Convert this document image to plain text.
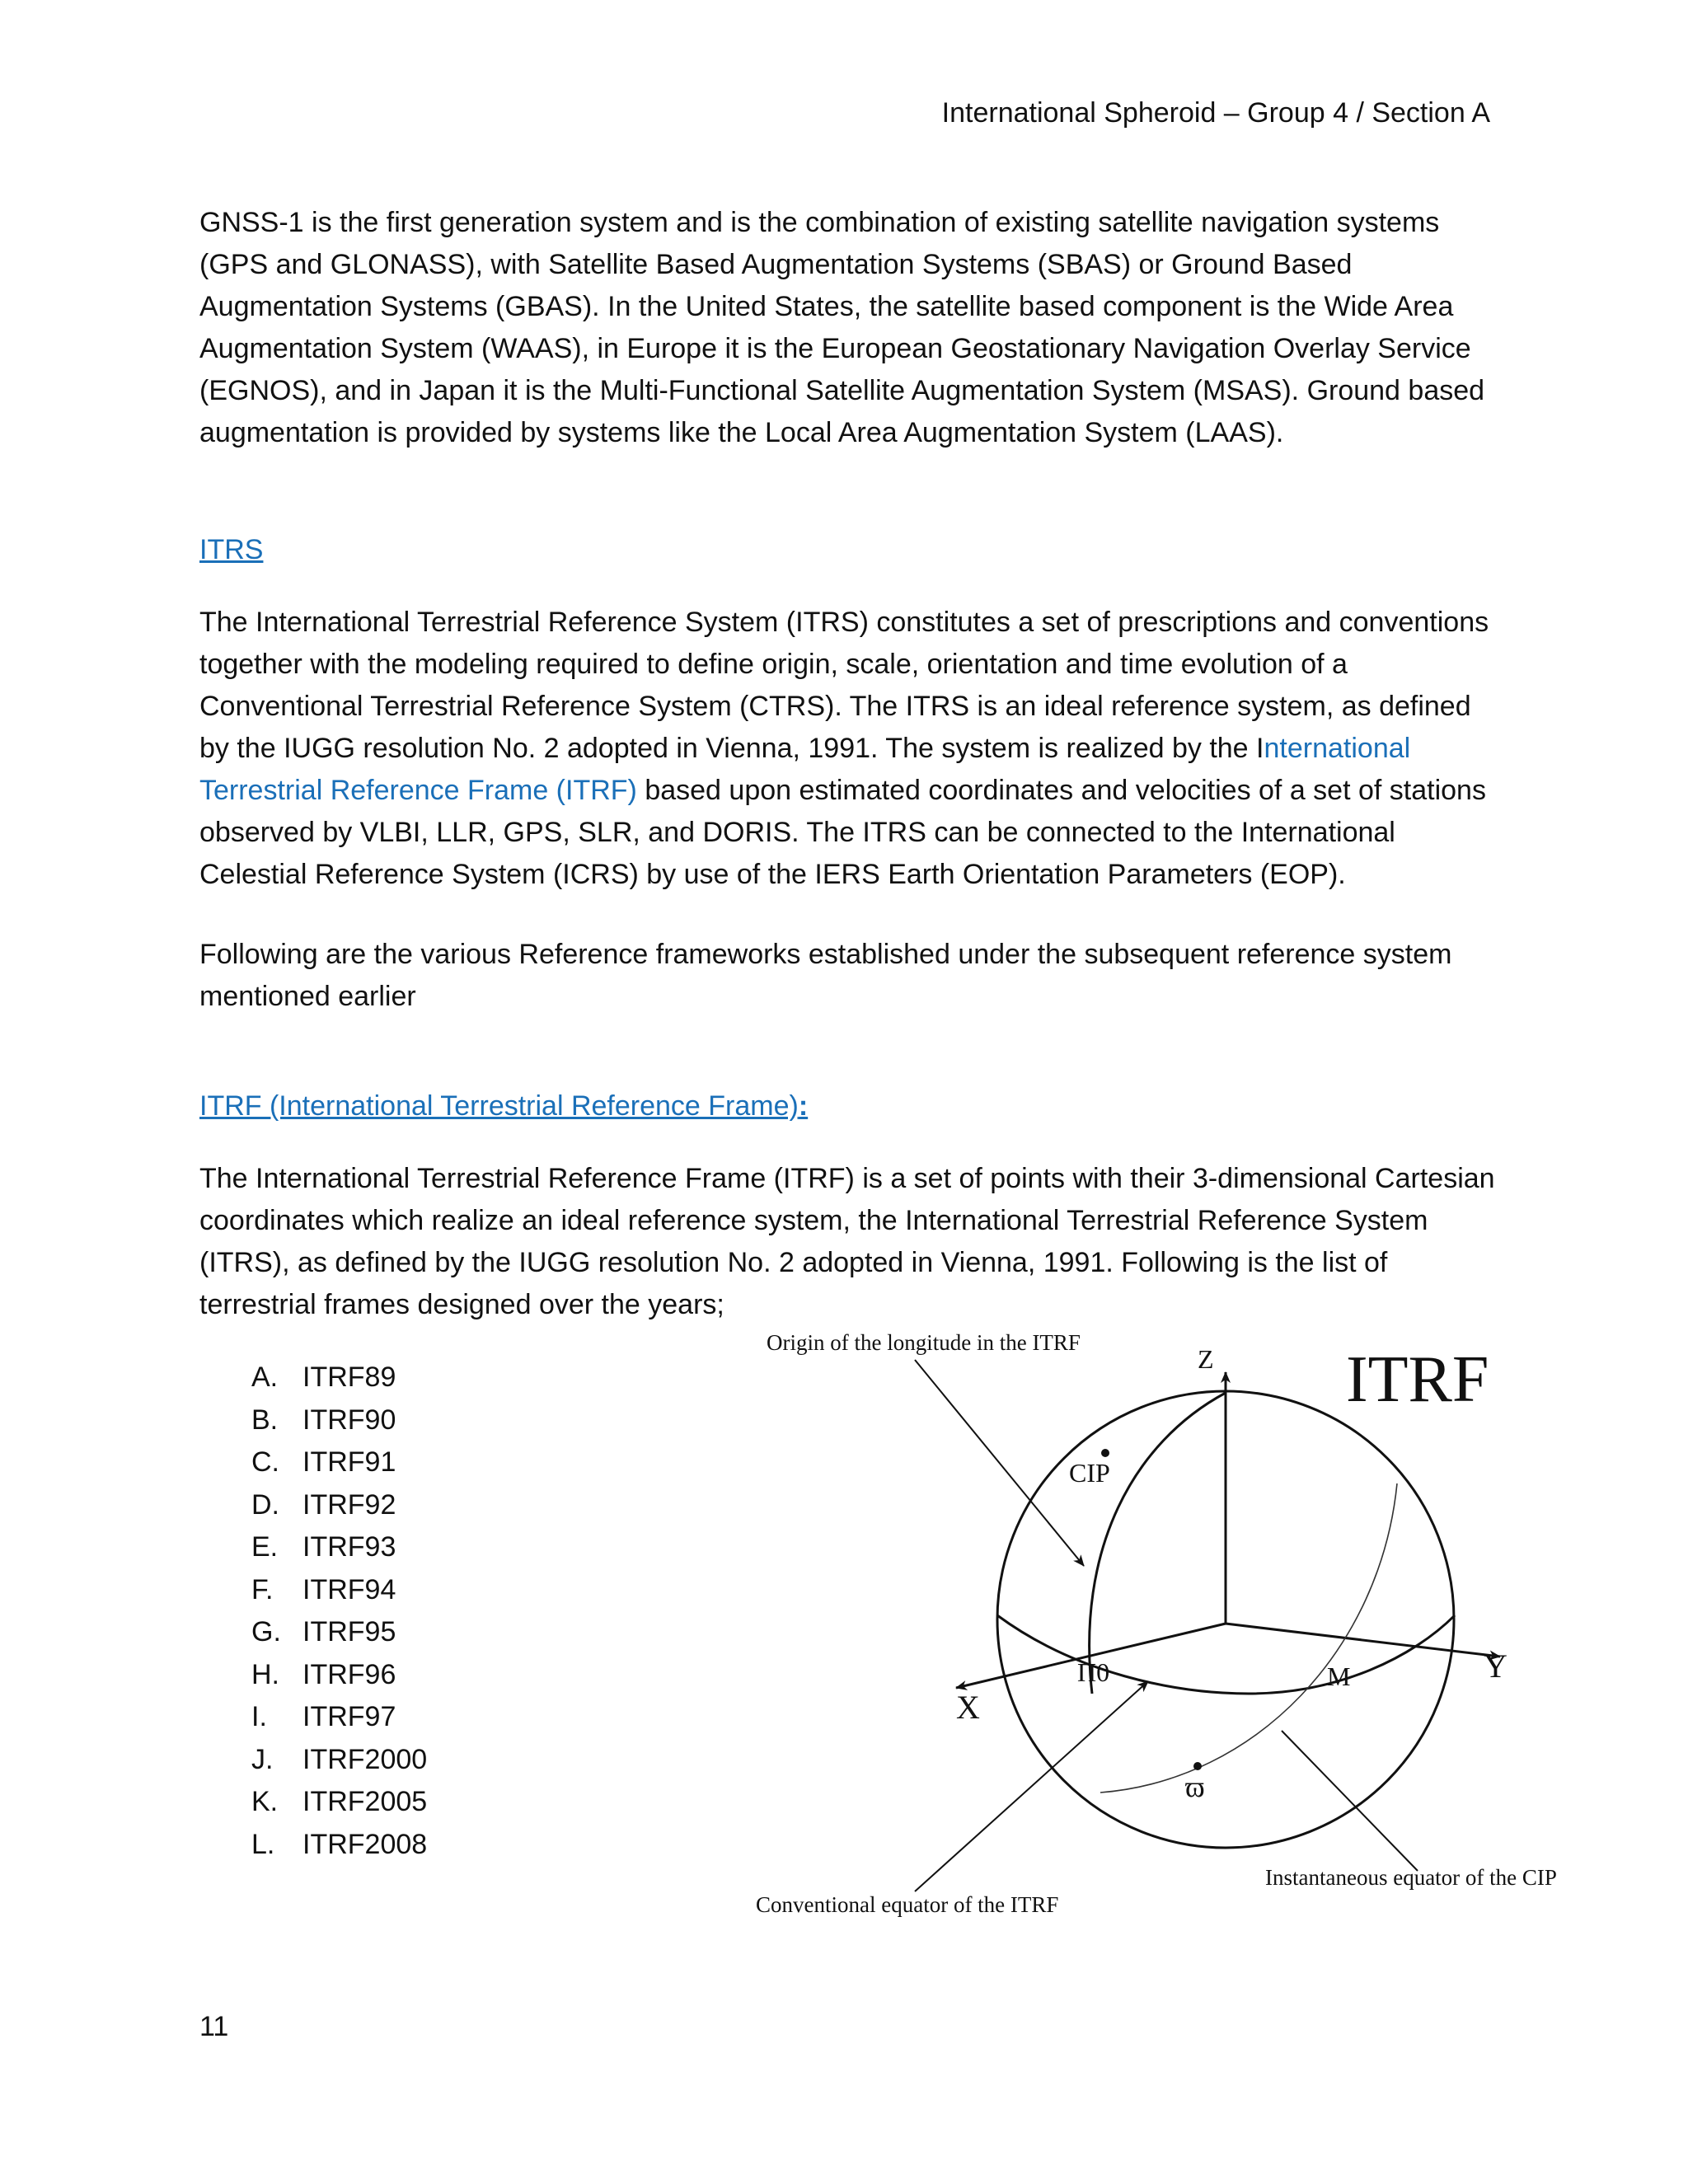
International Spheroid – Group 4 / Section A

GNSS-1 is the first generation system and is the combination of existing satellite navigation systems (GPS and GLONASS), with Satellite Based Augmentation Systems (SBAS) or Ground Based Augmentation Systems (GBAS). In the United States, the satellite based component is the Wide Area Augmentation System (WAAS), in Europe it is the European Geostationary Navigation Overlay Service (EGNOS), and in Japan it is the Multi-Functional Satellite Augmentation System (MSAS). Ground based augmentation is provided by systems like the Local Area Augmentation System (LAAS).

ITRS

The International Terrestrial Reference System (ITRS) constitutes a set of prescriptions and conventions together with the modeling required to define origin, scale, orientation and time evolution of a Conventional Terrestrial Reference System (CTRS). The ITRS is an ideal reference system, as defined by the IUGG resolution No. 2 adopted in Vienna, 1991. The system is realized by the International Terrestrial Reference Frame (ITRF) based upon estimated coordinates and velocities of a set of stations observed by VLBI, LLR, GPS, SLR, and DORIS. The ITRS can be connected to the International Celestial Reference System (ICRS) by use of the IERS Earth Orientation Parameters (EOP).

Following are the various Reference frameworks established under the subsequent reference system mentioned earlier

ITRF (International Terrestrial Reference Frame):

The International Terrestrial Reference Frame (ITRF) is a set of points with their 3-dimensional Cartesian coordinates which realize an ideal reference system, the International Terrestrial Reference System (ITRS), as defined by the IUGG resolution No. 2 adopted in Vienna, 1991. Following is the list of terrestrial frames designed over the years;

A. ITRF89
B. ITRF90
C. ITRF91
D. ITRF92
E. ITRF93
F. ITRF94
G. ITRF95
H. ITRF96
I. ITRF97
J. ITRF2000
K. ITRF2005
L. ITRF2008
Origin of the longitude in the ITRF
Z ITRF
CIP
Π0	M	Y
X
ϖ
Instantaneous equator of the CIP
Conventional equator of the ITRF
11
